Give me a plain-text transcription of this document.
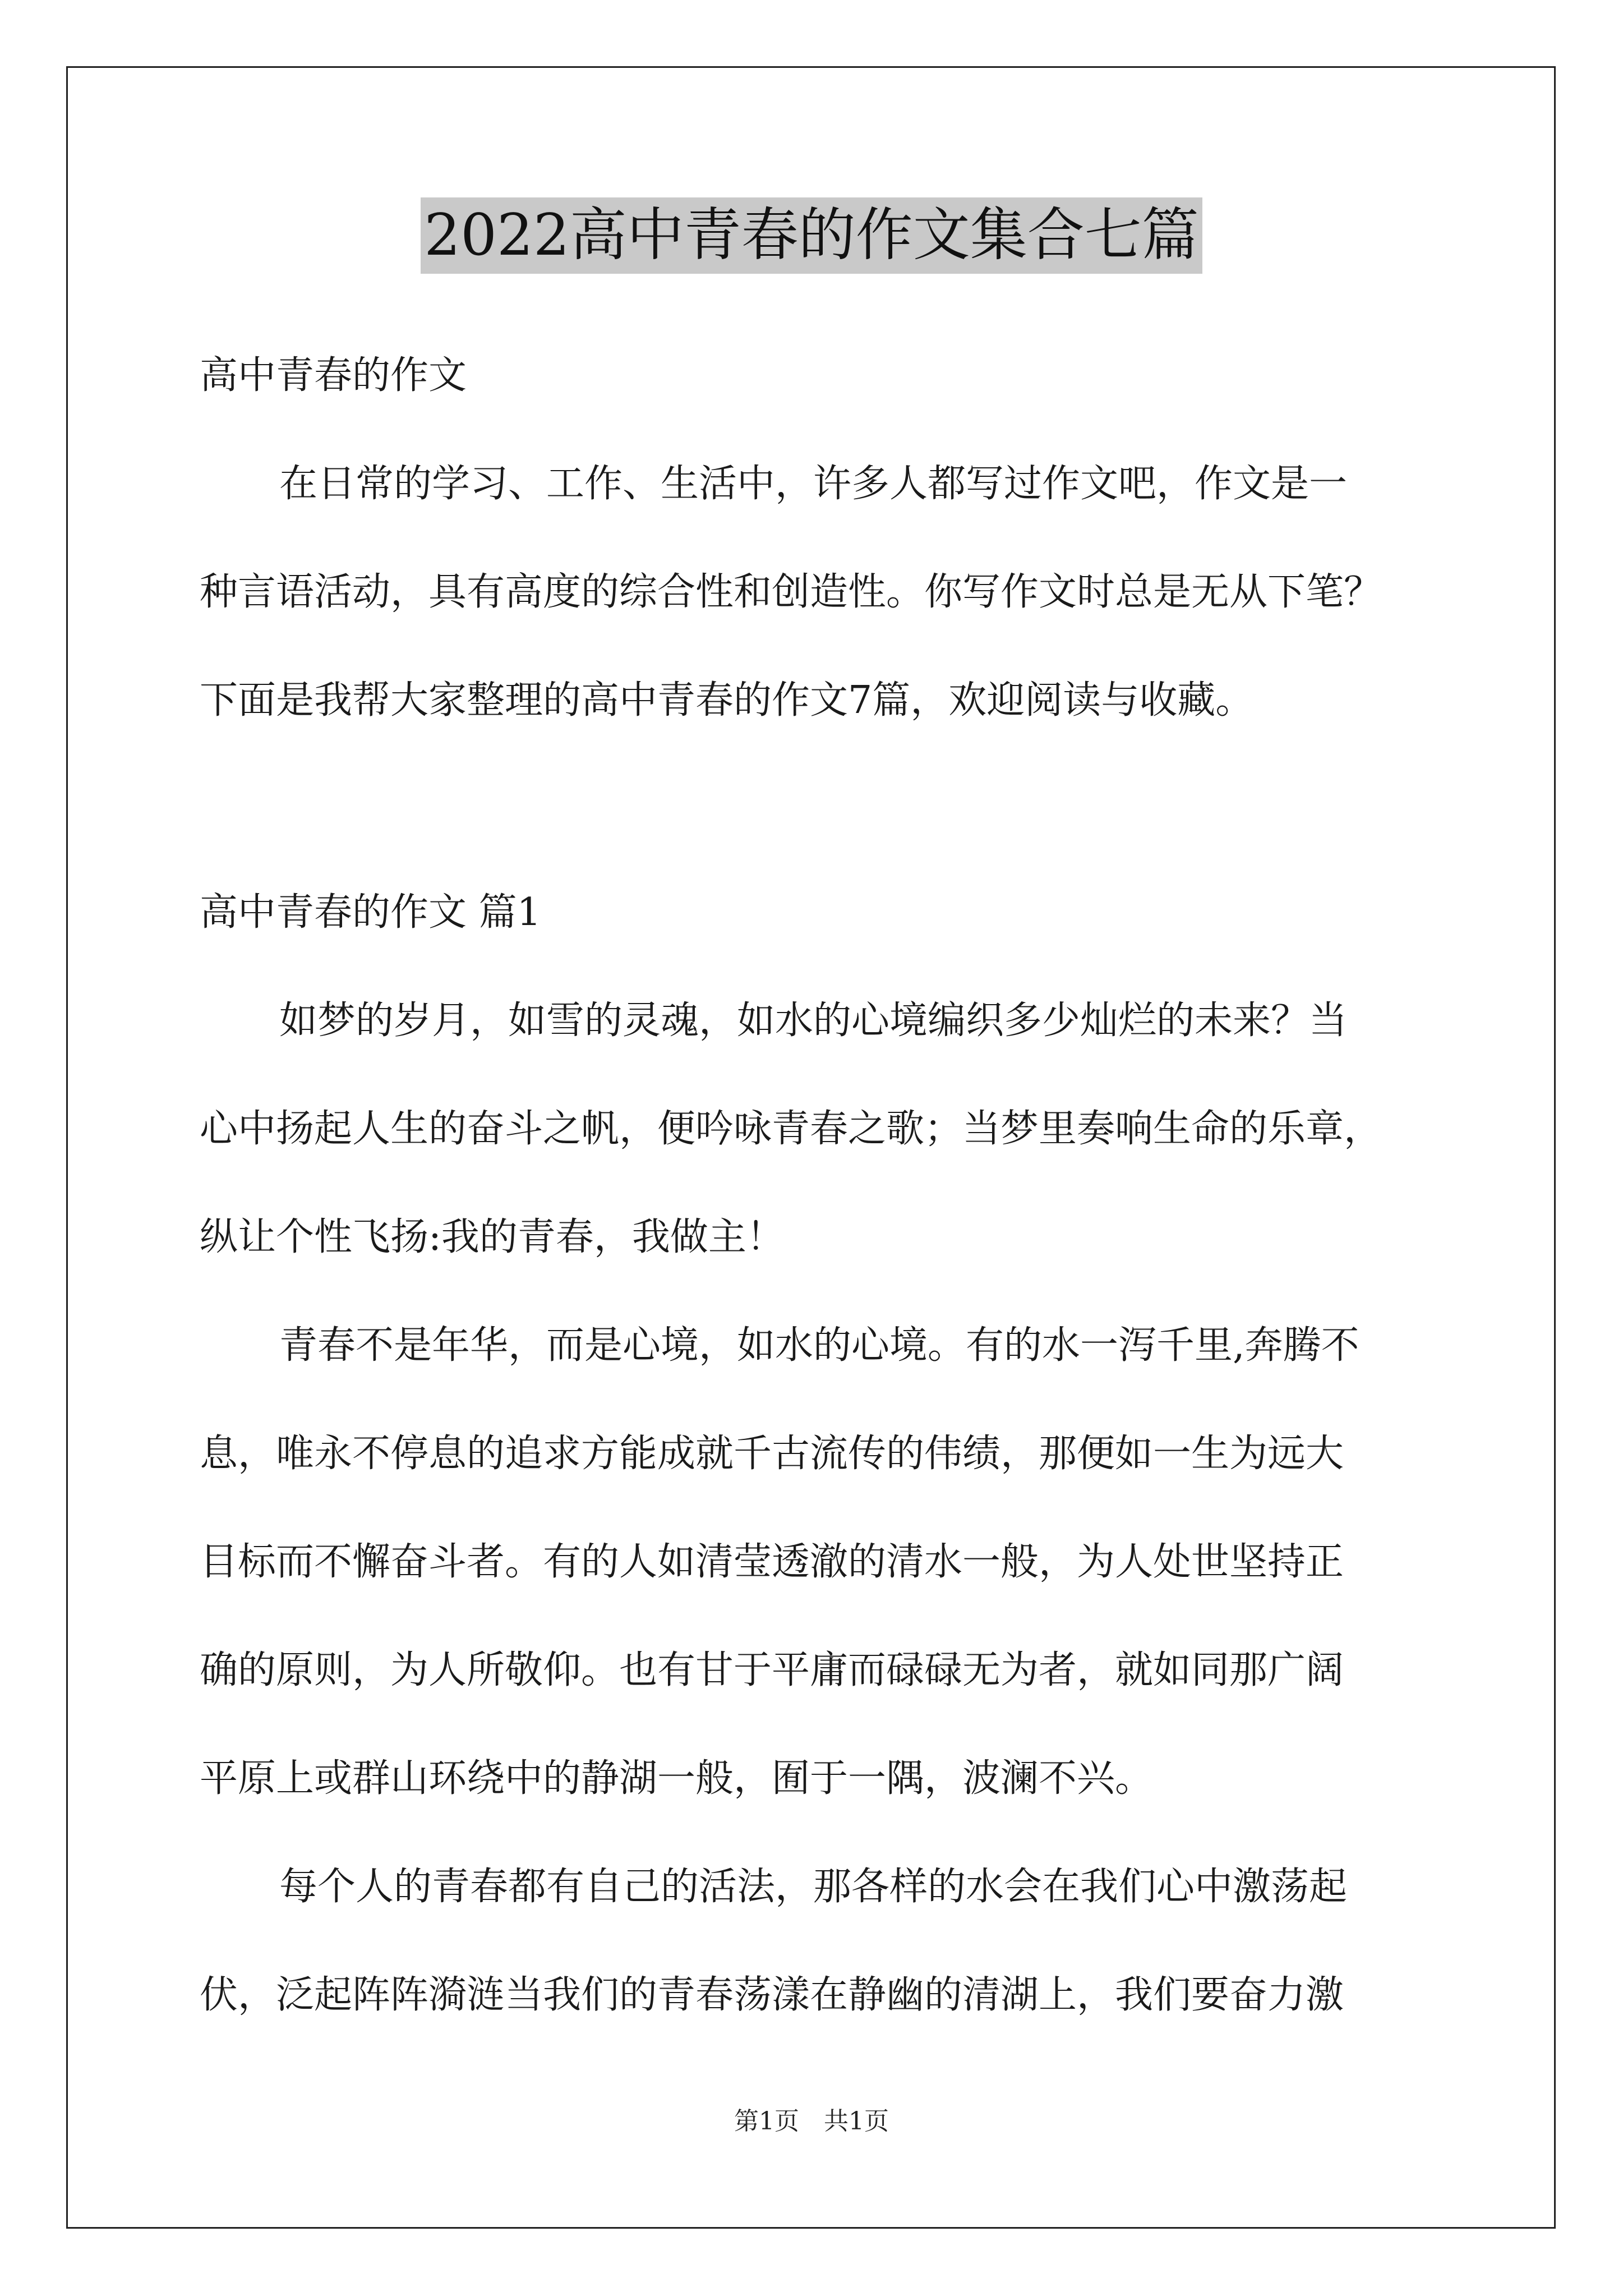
2022高中青春的作文集合七篇
高中青春的作文
在日常的学习、工作、生活中，许多人都写过作文吧，作文是一
种言语活动，具有高度的综合性和创造性。你写作文时总是无从下笔？
下面是我帮大家整理的高中青春的作文7篇，欢迎阅读与收藏。
高中青春的作文 篇1
如梦的岁月，如雪的灵魂，如水的心境编织多少灿烂的未来？当
心中扬起人生的奋斗之帆，便吟咏青春之歌；当梦里奏响生命的乐章，
纵让个性飞扬:我的青春，我做主！
青春不是年华，而是心境，如水的心境。有的水一泻千里,奔腾不
息，唯永不停息的追求方能成就千古流传的伟绩，那便如一生为远大
目标而不懈奋斗者。有的人如清莹透澈的清水一般，为人处世坚持正
确的原则，为人所敬仰。也有甘于平庸而碌碌无为者，就如同那广阔
平原上或群山环绕中的静湖一般，囿于一隅，波澜不兴。
每个人的青春都有自己的活法，那各样的水会在我们心中激荡起
伏，泛起阵阵漪涟当我们的青春荡漾在静幽的清湖上，我们要奋力激
第1页 共1页
